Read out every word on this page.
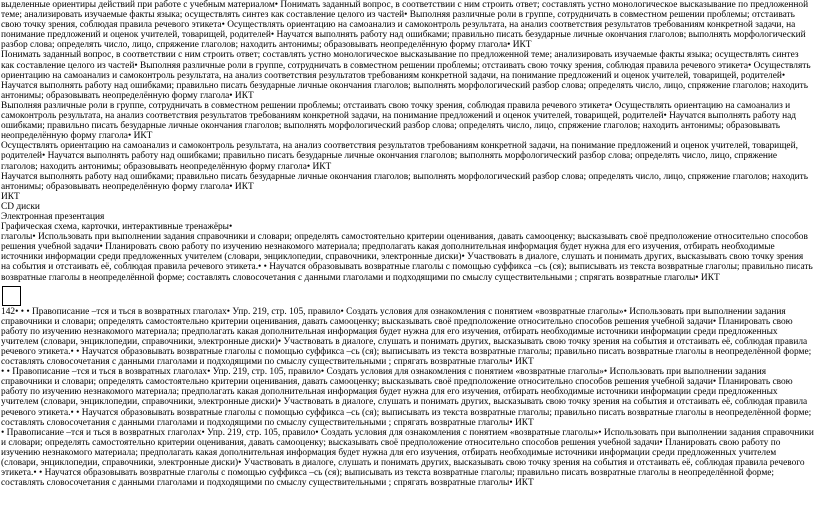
выделенные ориентиры действий при работе с учебным материалом• Понимать заданный вопрос, в соответствии с ним строить ответ; составлять устно монологическое высказывание по предложенной теме; анализировать изучаемые факты языка; осуществлять синтез как составление целого из частей• Выполняя различные роли в группе, сотрудничать в совместном решении проблемы; отстаивать свою точку зрения, соблюдая правила речевого этикета• Осуществлять ориентацию на самоанализ и самоконтроль результата, на анализ соответствия результатов требованиям конкретной задачи, на понимание предложений и оценок учителей, товарищей, родителей• Научатся выполнять работу над ошибками; правильно писать безударные личные окончания глаголов; выполнять морфологический разбор слова; определять число, лицо, спряжение глаголов; находить антонимы; образовывать неопределённую форму глагола• ИКТ

Понимать заданный вопрос, в соответствии с ним строить ответ; составлять устно монологическое высказывание по предложенной теме; анализировать изучаемые факты языка; осуществлять синтез как составление целого из частей• Выполняя различные роли в группе, сотрудничать в совместном решении проблемы; отстаивать свою точку зрения, соблюдая правила речевого этикета• Осуществлять ориентацию на самоанализ и самоконтроль результата, на анализ соответствия результатов требованиям конкретной задачи, на понимание предложений и оценок учителей, товарищей, родителей• Научатся выполнять работу над ошибками; правильно писать безударные личные окончания глаголов; выполнять морфологический разбор слова; определять число, лицо, спряжение глаголов; находить антонимы; образовывать неопределённую форму глагола• ИКТ

Выполняя различные роли в группе, сотрудничать в совместном решении проблемы; отстаивать свою точку зрения, соблюдая правила речевого этикета• Осуществлять ориентацию на самоанализ и самоконтроль результата, на анализ соответствия результатов требованиям конкретной задачи, на понимание предложений и оценок учителей, товарищей, родителей• Научатся выполнять работу над ошибками; правильно писать безударные личные окончания глаголов; выполнять морфологический разбор слова; определять число, лицо, спряжение глаголов; находить антонимы; образовывать неопределённую форму глагола• ИКТ

Осуществлять ориентацию на самоанализ и самоконтроль результата, на анализ соответствия результатов требованиям конкретной задачи, на понимание предложений и оценок учителей, товарищей, родителей• Научатся выполнять работу над ошибками; правильно писать безударные личные окончания глаголов; выполнять морфологический разбор слова; определять число, лицо, спряжение глаголов; находить антонимы; образовывать неопределённую форму глагола• ИКТ

Научатся выполнять работу над ошибками; правильно писать безударные личные окончания глаголов; выполнять морфологический разбор слова; определять число, лицо, спряжение глаголов; находить антонимы; образовывать неопределённую форму глагола• ИКТ

ИКТ

CD диски

Электронная презентация

Графическая схема, карточки, интерактивные тренажёры•

глаголы• Использовать при выполнении задания справочники и словари; определять самостоятельно критерии оценивания, давать самооценку; высказывать своё предположение относительно способов решения учебной задачи• Планировать свою работу по изучению незнакомого материала; предполагать какая дополнительная информация будет нужна для его изучения, отбирать необходимые источники информации среди предложенных учителем (словари, энциклопедии, справочники, электронные диски)• Участвовать в диалоге, слушать и понимать других, высказывать свою точку зрения на события и отстаивать её, соблюдая правила речевого этикета.• • Научатся образовывать возвратные глаголы с помощью суффикса –сь (ся); выписывать из текста возвратные глаголы; правильно писать возвратные глаголы в неопределённой форме; составлять словосочетания с данными глаголами и подходящими по смыслу существительными ; спрягать возвратные глаголы• ИКТ

142• • • Правописание –тся и ться в возвратных глаголах• Упр. 219, стр. 105, правило• Создать условия для ознакомления с понятием «возвратные глаголы»• Использовать при выполнении задания справочники и словари; определять самостоятельно критерии оценивания, давать самооценку; высказывать своё предположение относительно способов решения учебной задачи• Планировать свою работу по изучению незнакомого материала; предполагать какая дополнительная информация будет нужна для его изучения, отбирать необходимые источники информации среди предложенных учителем (словари, энциклопедии, справочники, электронные диски)• Участвовать в диалоге, слушать и понимать других, высказывать свою точку зрения на события и отстаивать её, соблюдая правила речевого этикета.• • Научатся образовывать возвратные глаголы с помощью суффикса –сь (ся); выписывать из текста возвратные глаголы; правильно писать возвратные глаголы в неопределённой форме; составлять словосочетания с данными глаголами и подходящими по смыслу существительными ; спрягать возвратные глаголы• ИКТ

• • Правописание –тся и ться в возвратных глаголах• Упр. 219, стр. 105, правило• Создать условия для ознакомления с понятием «возвратные глаголы»• Использовать при выполнении задания справочники и словари; определять самостоятельно критерии оценивания, давать самооценку; высказывать своё предположение относительно способов решения учебной задачи• Планировать свою работу по изучению незнакомого материала; предполагать какая дополнительная информация будет нужна для его изучения, отбирать необходимые источники информации среди предложенных учителем (словари, энциклопедии, справочники, электронные диски)• Участвовать в диалоге, слушать и понимать других, высказывать свою точку зрения на события и отстаивать её, соблюдая правила речевого этикета.• • Научатся образовывать возвратные глаголы с помощью суффикса –сь (ся); выписывать из текста возвратные глаголы; правильно писать возвратные глаголы в неопределённой форме; составлять словосочетания с данными глаголами и подходящими по смыслу существительными ; спрягать возвратные глаголы• ИКТ

• Правописание –тся и ться в возвратных глаголах• Упр. 219, стр. 105, правило• Создать условия для ознакомления с понятием «возвратные глаголы»• Использовать при выполнении задания справочники и словари; определять самостоятельно критерии оценивания, давать самооценку; высказывать своё предположение относительно способов решения учебной задачи• Планировать свою работу по изучению незнакомого материала; предполагать какая дополнительная информация будет нужна для его изучения, отбирать необходимые источники информации среди предложенных учителем (словари, энциклопедии, справочники, электронные диски)• Участвовать в диалоге, слушать и понимать других, высказывать свою точку зрения на события и отстаивать её, соблюдая правила речевого этикета.• • Научатся образовывать возвратные глаголы с помощью суффикса –сь (ся); выписывать из текста возвратные глаголы; правильно писать возвратные глаголы в неопределённой форме; составлять словосочетания с данными глаголами и подходящими по смыслу существительными ; спрягать возвратные глаголы• ИКТ
